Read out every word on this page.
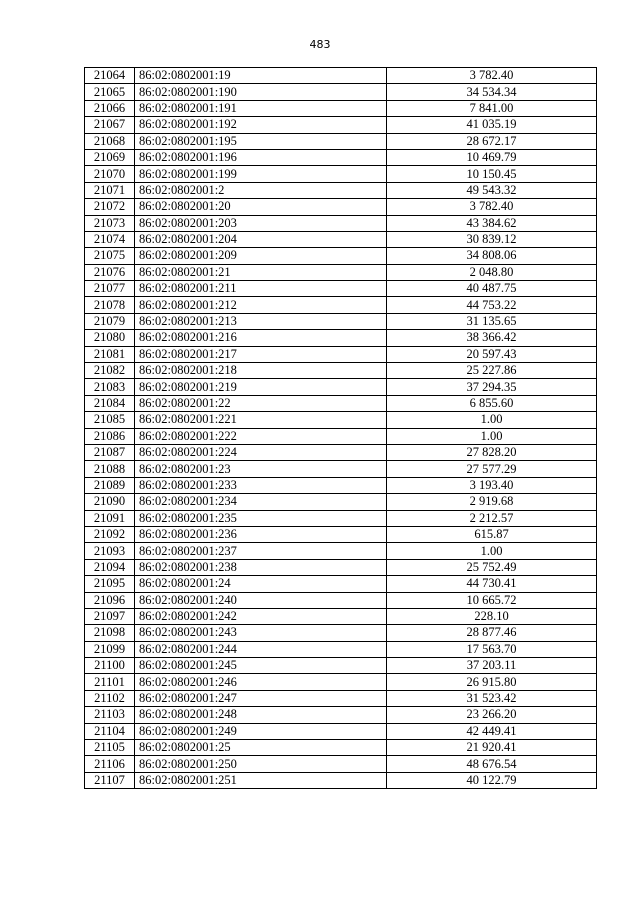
483
21064	86:02:0802001:19	3 782.40
21065	86:02:0802001:190	34 534.34
21066	86:02:0802001:191	7 841.00
21067	86:02:0802001:192	41 035.19
21068	86:02:0802001:195	28 672.17
21069	86:02:0802001:196	10 469.79
21070	86:02:0802001:199	10 150.45
21071	86:02:0802001:2	49 543.32
21072	86:02:0802001:20	3 782.40
21073	86:02:0802001:203	43 384.62
21074	86:02:0802001:204	30 839.12
21075	86:02:0802001:209	34 808.06
21076	86:02:0802001:21	2 048.80
21077	86:02:0802001:211	40 487.75
21078	86:02:0802001:212	44 753.22
21079	86:02:0802001:213	31 135.65
21080	86:02:0802001:216	38 366.42
21081	86:02:0802001:217	20 597.43
21082	86:02:0802001:218	25 227.86
21083	86:02:0802001:219	37 294.35
21084	86:02:0802001:22	6 855.60
21085	86:02:0802001:221	1.00
21086	86:02:0802001:222	1.00
21087	86:02:0802001:224	27 828.20
21088	86:02:0802001:23	27 577.29
21089	86:02:0802001:233	3 193.40
21090	86:02:0802001:234	2 919.68
21091	86:02:0802001:235	2 212.57
21092	86:02:0802001:236	615.87
21093	86:02:0802001:237	1.00
21094	86:02:0802001:238	25 752.49
21095	86:02:0802001:24	44 730.41
21096	86:02:0802001:240	10 665.72
21097	86:02:0802001:242	228.10
21098	86:02:0802001:243	28 877.46
21099	86:02:0802001:244	17 563.70
21100	86:02:0802001:245	37 203.11
21101	86:02:0802001:246	26 915.80
21102	86:02:0802001:247	31 523.42
21103	86:02:0802001:248	23 266.20
21104	86:02:0802001:249	42 449.41
21105	86:02:0802001:25	21 920.41
21106	86:02:0802001:250	48 676.54
21107	86:02:0802001:251	40 122.79
